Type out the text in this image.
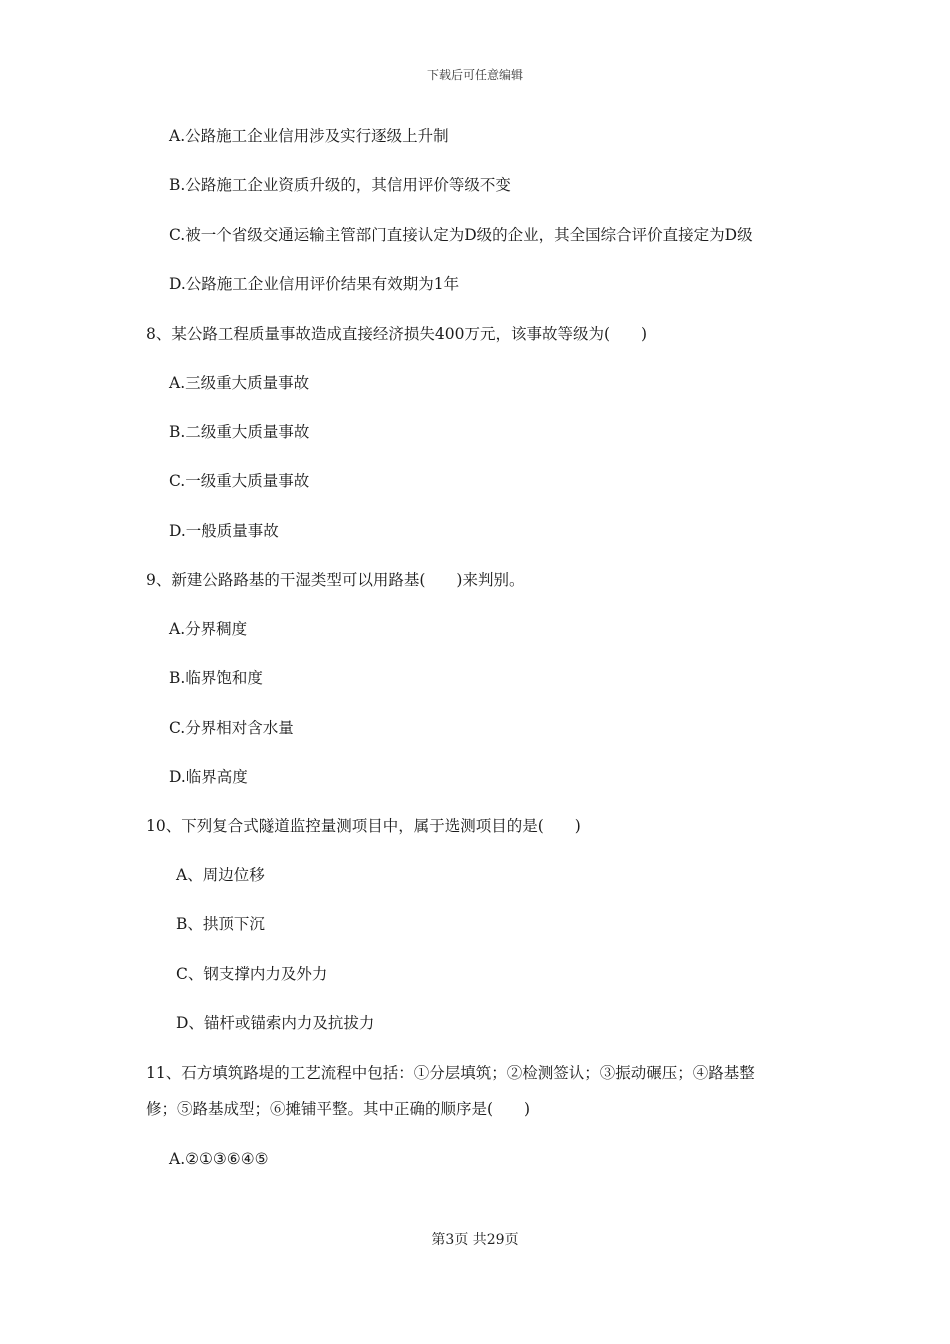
下载后可任意编辑
A.公路施工企业信用涉及实行逐级上升制
B.公路施工企业资质升级的，其信用评价等级不变
C.被一个省级交通运输主管部门直接认定为D级的企业，其全国综合评价直接定为D级
D.公路施工企业信用评价结果有效期为1年
8、某公路工程质量事故造成直接经济损失400万元，该事故等级为(　　)
A.三级重大质量事故
B.二级重大质量事故
C.一级重大质量事故
D.一般质量事故
9、新建公路路基的干湿类型可以用路基(　　)来判别。
A.分界稠度
B.临界饱和度
C.分界相对含水量
D.临界高度
10、下列复合式隧道监控量测项目中，属于选测项目的是(　　)
A、周边位移
B、拱顶下沉
C、钢支撑内力及外力
D、锚杆或锚索内力及抗拔力
11、石方填筑路堤的工艺流程中包括：①分层填筑；②检测签认；③振动碾压；④路基整
修；⑤路基成型；⑥摊铺平整。其中正确的顺序是(　　)
A.②①③⑥④⑤
第3页 共29页
